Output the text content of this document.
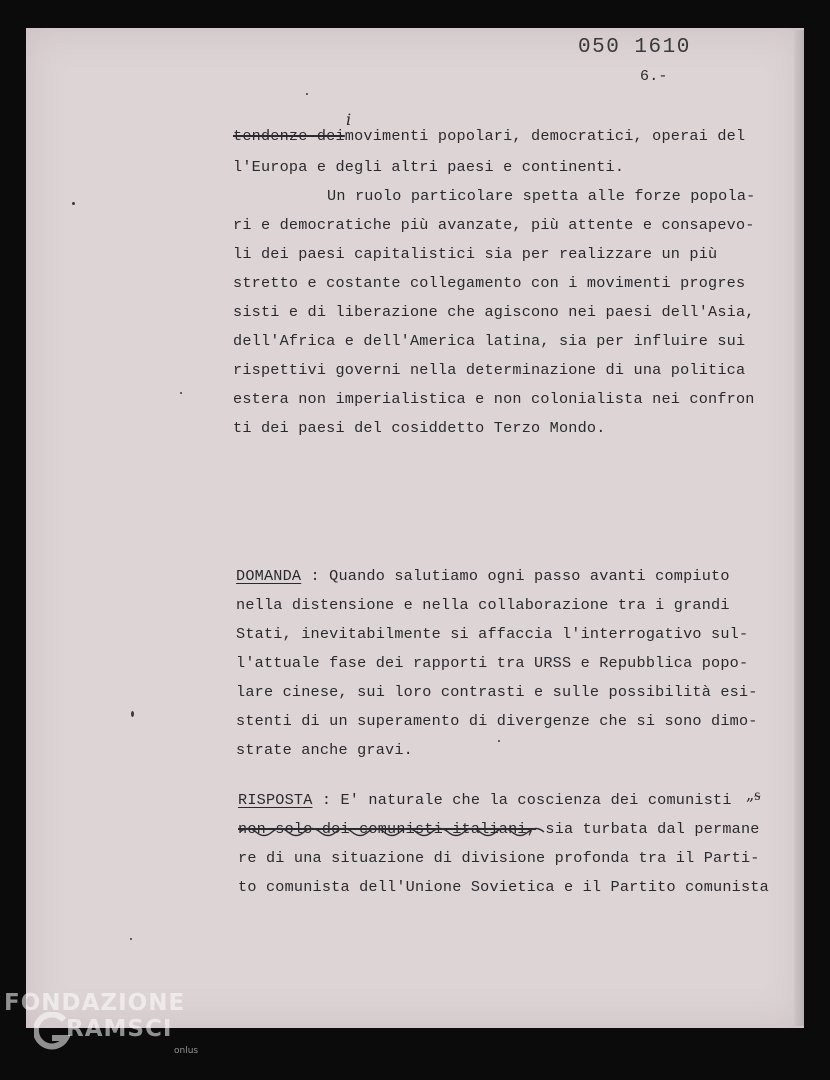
050 1610
6.-
tendenze deimovimenti popolari, democratici, operai del
i
l'Europa e degli altri paesi e continenti.
Un ruolo particolare spetta alle forze popola-
ri e democratiche più avanzate, più attente e consapevo-
li dei paesi capitalistici sia per realizzare un più
stretto e costante collegamento con i movimenti progres
sisti e di liberazione che agiscono nei paesi dell'Asia,
dell'Africa e dell'America latina, sia per influire sui
rispettivi governi nella determinazione di una politica
estera non imperialistica e non colonialista nei confron
ti dei paesi del cosiddetto Terzo Mondo.
DOMANDA : Quando salutiamo ogni passo avanti compiuto
nella distensione e nella collaborazione tra i grandi
Stati, inevitabilmente si affaccia l'interrogativo sul-
l'attuale fase dei rapporti tra URSS e Repubblica popo-
lare cinese, sui loro contrasti e sulle possibilità esi-
stenti di un superamento di divergenze che si sono dimo-
strate anche gravi.
RISPOSTA : E' naturale che la coscienza dei comunisti „ᵴ
non solo dei comunisti italiani, sia turbata dal permane
re di una situazione di divisione profonda tra il Parti-
to comunista dell'Unione Sovietica e il Partito comunista
FONDAZIONE
RAMSCI
onlus
